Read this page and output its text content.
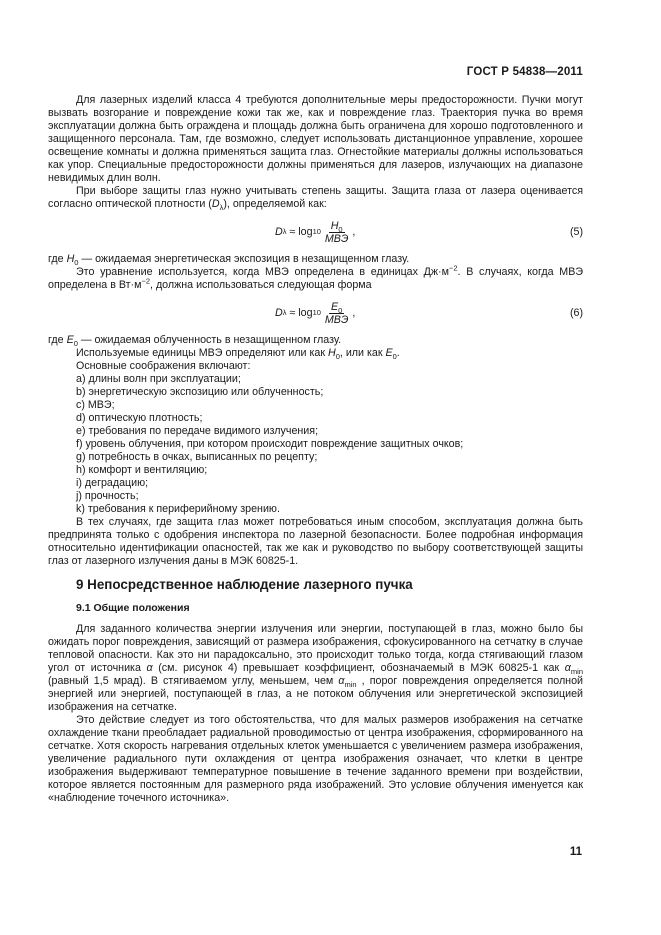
ГОСТ Р 54838—2011

Для лазерных изделий класса 4 требуются дополнительные меры предосторожности. Пучки могут вызвать возгорание и повреждение кожи так же, как и повреждение глаз. Траектория пучка во время эксплуатации должна быть ограждена и площадь должна быть ограничена для хорошо подготовленного и защищенного персонала. Там, где возможно, следует использовать дистанционное управление, хорошее освещение комнаты и должна применяться защита глаз. Огнестойкие материалы должны использоваться как упор. Специальные предосторожности должны применяться для лазеров, излучающих на диапазоне невидимых длин волн.

При выборе защиты глаз нужно учитывать степень защиты. Защита глаза от лазера оценивается согласно оптической плотности $(D_\lambda)$, определяемой как:

D λ
≈ $\log 10 \frac{H_0}{\text{МВЭ}}$ ,	(5)

где $H_0$ — ожидаемая энергетическая экспозиция в незащищенном глазу.

Это уравнение используется, когда МВЭ определена в единицах $Дж\cdot м^{-2}$. В случаях, когда МВЭ определена в $Вт\cdot м^{-2}$, должна использоваться следующая форма

D λ
≈ $\log 10 \frac{E_0}{\text{МВЭ}}$ ,	(6)

где $E_0$ — ожидаемая облученность в незащищенном глазу.

Используемые единицы МВЭ определяют или как $H_0$, или как $E_0$.

Основные соображения включают:

a) длины волн при эксплуатации;

b) энергетическую экспозицию или облученность;

c) МВЭ;

d) оптическую плотность;

e) требования по передаче видимого излучения;

f) уровень облучения, при котором происходит повреждение защитных очков;

g) потребность в очках, выписанных по рецепту;

h) комфорт и вентиляцию;

i) деградацию;

j) прочность;

k) требования к периферийному зрению.

В тех случаях, где защита глаз может потребоваться иным способом, эксплуатация должна быть предпринята только с одобрения инспектора по лазерной безопасности. Более подробная информация относительно идентификации опасностей, так же как и руководство по выбору соответствующей защиты глаз от лазерного излучения даны в МЭК 60825-1.

9 Непосредственное наблюдение лазерного пучка
9.1 Общие положения

Для заданного количества энергии излучения или энергии, поступающей в глаз, можно было бы ожидать порог повреждения, зависящий от размера изображения, сфокусированного на сетчатку в случае тепловой опасности. Как это ни парадоксально, это происходит только тогда, когда стягивающий глазом угол от источника α (см. рисунок 4) превышает коэффициент, обозначаемый в МЭК 60825-1 как $\alpha_{min}$ (равный 1,5 мрад). В стягиваемом углу, меньшем, чем $\alpha_{min}$ , порог повреждения определяется полной энергией или энергией, поступающей в глаз, а не потоком облучения или энергетической экспозицией изображения на сетчатке.

Это действие следует из того обстоятельства, что для малых размеров изображения на сетчатке охлаждение ткани преобладает радиальной проводимостью от центра изображения, сформированного на сетчатке. Хотя скорость нагревания отдельных клеток уменьшается с увеличением размера изображения, увеличение радиального пути охлаждения от центра изображения означает, что клетки в центре изображения выдерживают температурное повышение в течение заданного времени при воздействии, которое является постоянным для размерного ряда изображений. Это условие облучения именуется как «наблюдение точечного источника».

11
